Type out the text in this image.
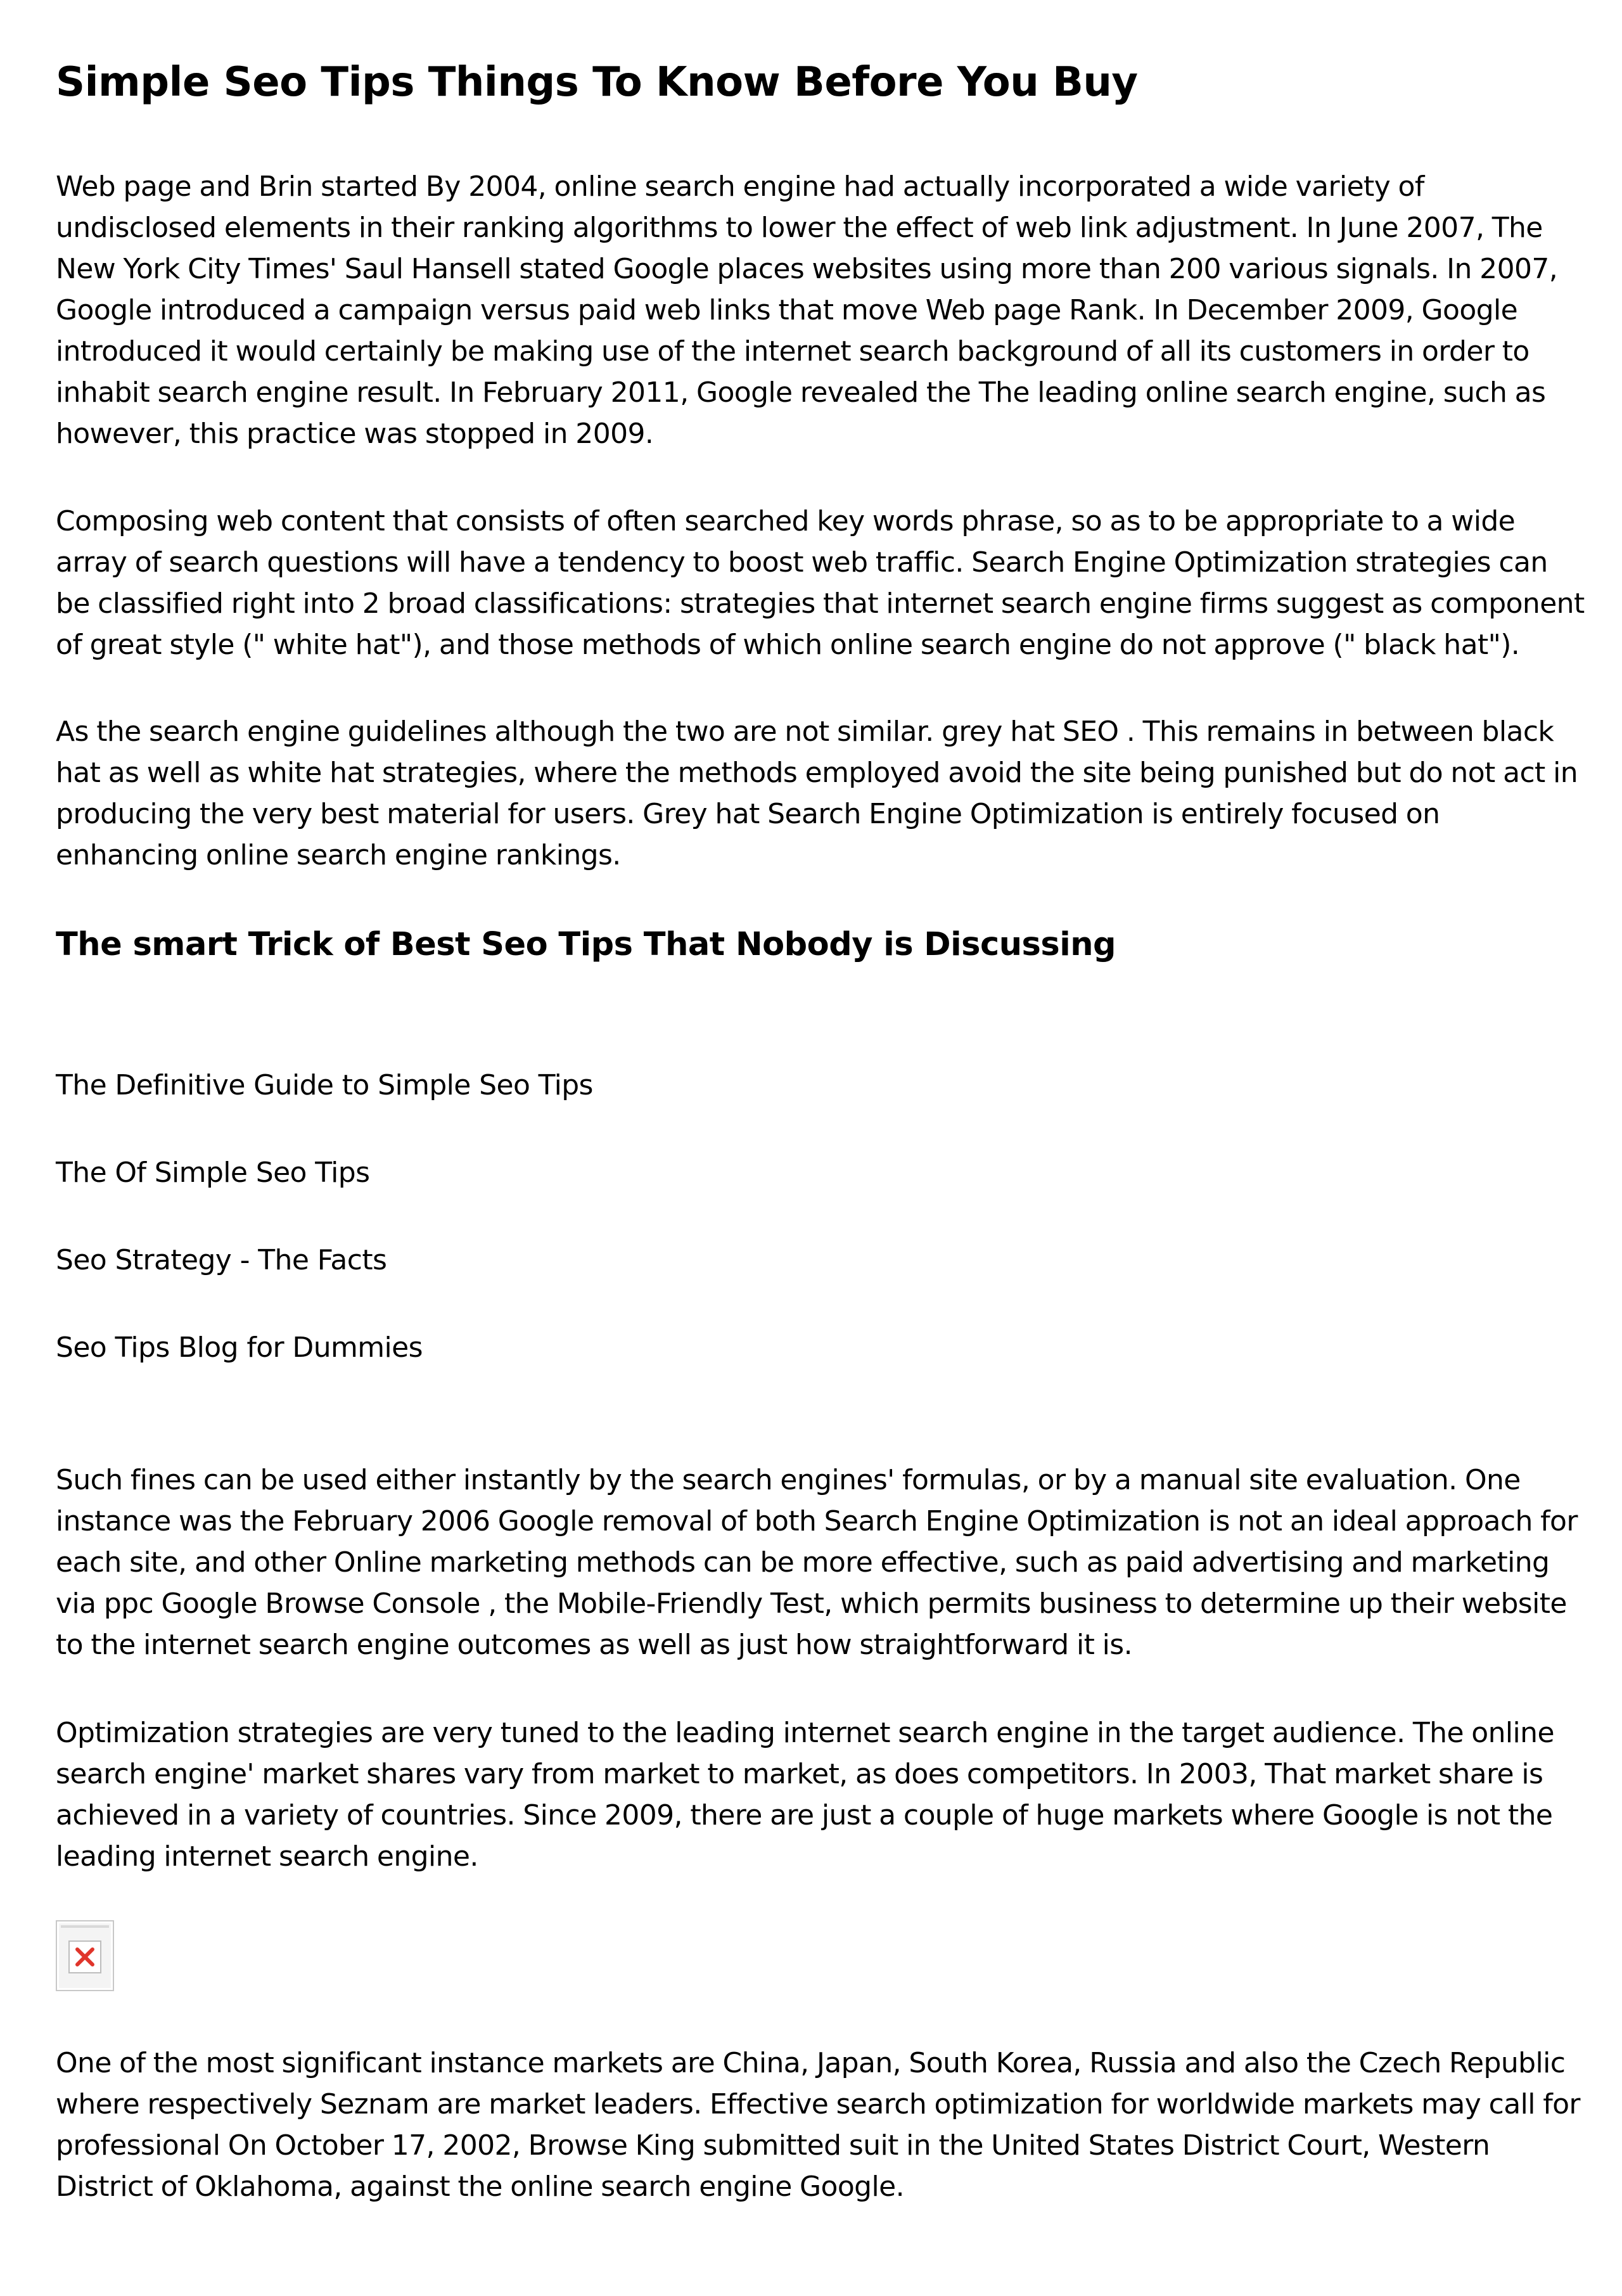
Simple Seo Tips Things To Know Before You Buy

Web page and Brin started By 2004, online search engine had actually incorporated a wide variety of undisclosed elements in their ranking algorithms to lower the effect of web link adjustment. In June 2007, The New York City Times' Saul Hansell stated Google places websites using more than 200 various signals. In 2007, Google introduced a campaign versus paid web links that move Web page Rank. In December 2009, Google introduced it would certainly be making use of the internet search background of all its customers in order to inhabit search engine result. In February 2011, Google revealed the The leading online search engine, such as however, this practice was stopped in 2009.

Composing web content that consists of often searched key words phrase, so as to be appropriate to a wide array of search questions will have a tendency to boost web traffic. Search Engine Optimization strategies can be classified right into 2 broad classifications: strategies that internet search engine firms suggest as component of great style (" white hat"), and those methods of which online search engine do not approve (" black hat").

As the search engine guidelines although the two are not similar. grey hat SEO . This remains in between black hat as well as white hat strategies, where the methods employed avoid the site being punished but do not act in producing the very best material for users. Grey hat Search Engine Optimization is entirely focused on enhancing online search engine rankings.

The smart Trick of Best Seo Tips That Nobody is Discussing
The Definitive Guide to Simple Seo Tips
The Of Simple Seo Tips
Seo Strategy - The Facts
Seo Tips Blog for Dummies

Such fines can be used either instantly by the search engines' formulas, or by a manual site evaluation. One instance was the February 2006 Google removal of both Search Engine Optimization is not an ideal approach for each site, and other Online marketing methods can be more effective, such as paid advertising and marketing via ppc Google Browse Console , the Mobile-Friendly Test, which permits business to determine up their website to the internet search engine outcomes as well as just how straightforward it is.

Optimization strategies are very tuned to the leading internet search engine in the target audience. The online search engine' market shares vary from market to market, as does competitors. In 2003, That market share is achieved in a variety of countries. Since 2009, there are just a couple of huge markets where Google is not the leading internet search engine.

One of the most significant instance markets are China, Japan, South Korea, Russia and also the Czech Republic where respectively Seznam are market leaders. Effective search optimization for worldwide markets may call for professional On October 17, 2002, Browse King submitted suit in the United States District Court, Western District of Oklahoma, against the online search engine Google.
